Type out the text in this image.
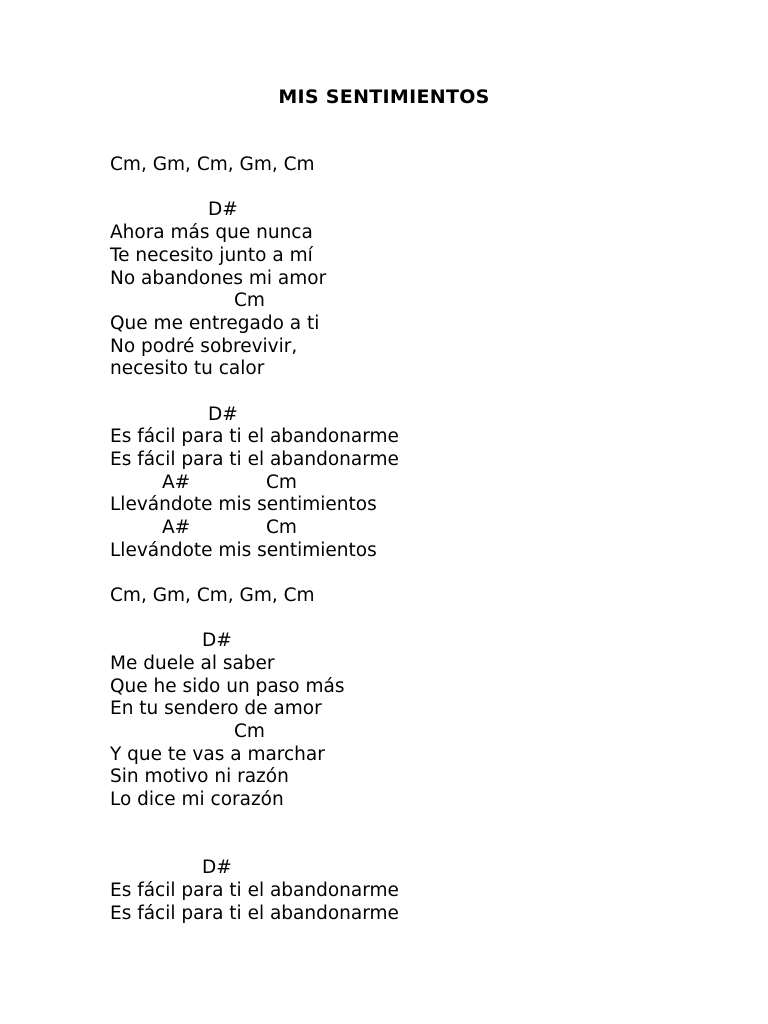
MIS SENTIMIENTOS

Cm, Gm, Cm, Gm, Cm

D#

Ahora más que nunca

Te necesito junto a mí

No abandones mi amor

Cm

Que me entregado a ti

No podré sobrevivir,

necesito tu calor

D#

Es fácil para ti el abandonarme

Es fácil para ti el abandonarme

A#	Cm

Llevándote mis sentimientos

A#	Cm

Llevándote mis sentimientos

Cm, Gm, Cm, Gm, Cm

D#

Me duele al saber

Que he sido un paso más

En tu sendero de amor

Cm

Y que te vas a marchar

Sin motivo ni razón

Lo dice mi corazón

D#

Es fácil para ti el abandonarme

Es fácil para ti el abandonarme
